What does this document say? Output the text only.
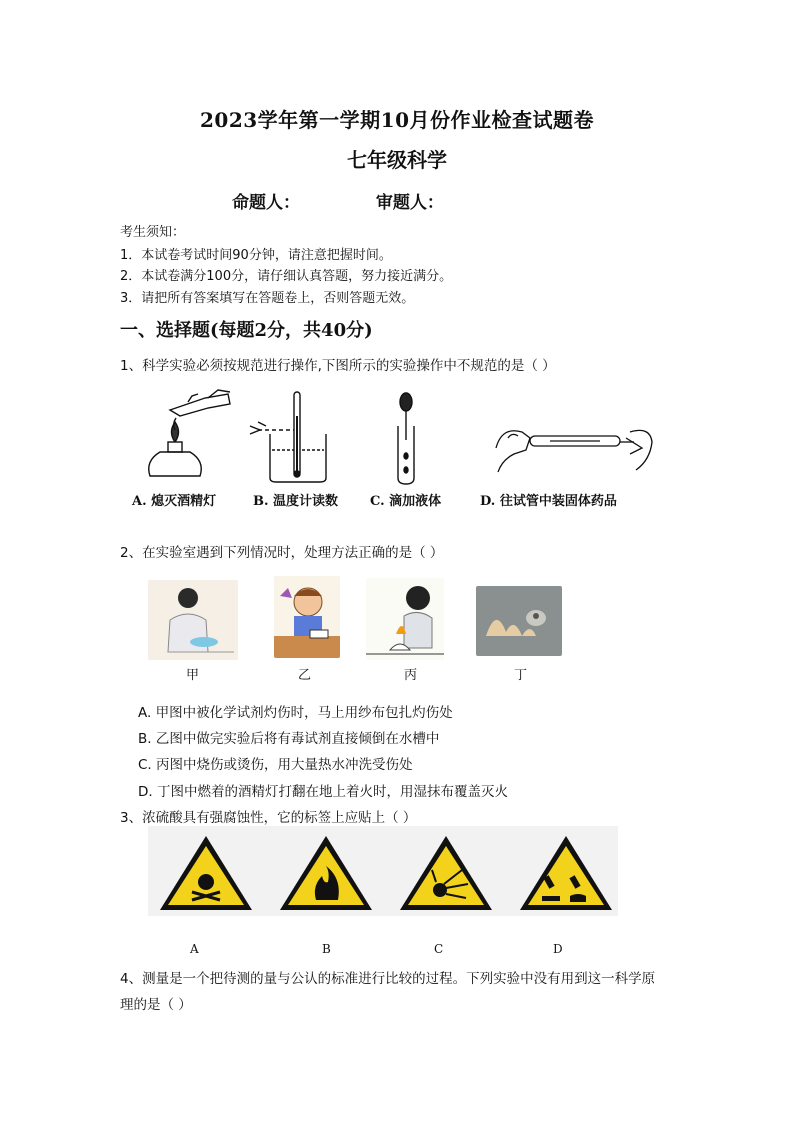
2023学年第一学期10月份作业检查试题卷
七年级科学
命题人：	审题人：
考生须知：
1．本试卷考试时间90分钟，请注意把握时间。
2．本试卷满分100分，请仔细认真答题，努力接近满分。
3．请把所有答案填写在答题卷上，否则答题无效。
一、选择题(每题2分，共40分)
1、科学实验必须按规范进行操作,下图所示的实验操作中不规范的是（ ）
A. 熄灭酒精灯	B. 温度计读数 C. 滴加液体	D. 往试管中装固体药品
2、在实验室遇到下列情况时，处理方法正确的是（ ）
甲	乙	丙	丁
A. 甲图中被化学试剂灼伤时，马上用纱布包扎灼伤处
B. 乙图中做完实验后将有毒试剂直接倾倒在水槽中
C. 丙图中烧伤或烫伤，用大量热水冲洗受伤处
D. 丁图中燃着的酒精灯打翻在地上着火时，用湿抹布覆盖灭火
3、浓硫酸具有强腐蚀性，它的标签上应贴上（ ）
A	B	C	D
4、测量是一个把待测的量与公认的标准进行比较的过程。下列实验中没有用到这一科学原
理的是（ ）
